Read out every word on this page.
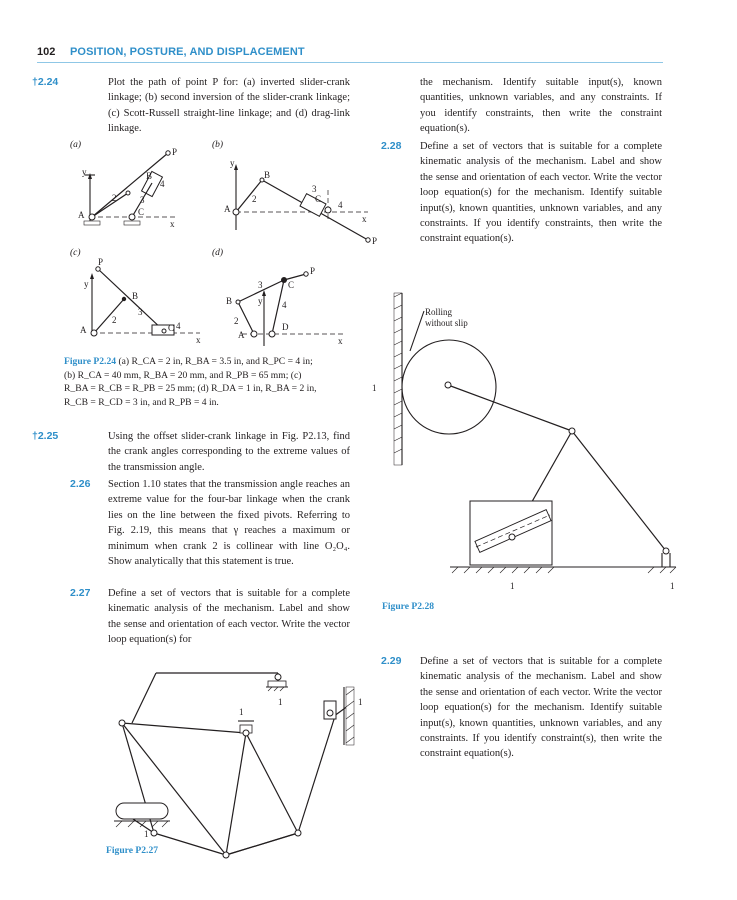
102 POSITION, POSTURE, AND DISPLACEMENT
†2.24	Plot the path of point P for: (a) inverted slider-crank linkage; (b) second inversion of the slider-crank linkage; (c) Scott-Russell straight-line linkage; and (d) drag-link linkage.
(a)	(b)
(c)	(d)
P
y	B
4
3
2
A	C
x
y
B
2
3
C
4
A
x
P
P
y
B
3
2
A	C 4
x
P
3	C
B	y 4
2
D
A
x
Figure P2.24 (a) R_CA = 2 in, R_BA = 3.5 in, and R_PC = 4 in;
(b) R_CA = 40 mm, R_BA = 20 mm, and R_PB = 65 mm; (c)
R_BA = R_CB = R_PB = 25 mm; (d) R_DA = 1 in, R_BA = 2 in,
R_CB = R_CD = 3 in, and R_PB = 4 in.
†2.25	Using the offset slider-crank linkage in Fig. P2.13, find the crank angles corresponding to the extreme values of the transmission angle.
2.26 Section 1.10 states that the transmission angle reaches an extreme value for the four-bar linkage when the crank lies on the line between the fixed pivots. Referring to Fig. 2.19, this means that γ reaches a maximum or minimum when crank 2 is collinear with line O₂O₄. Show analytically that this statement is true.
2.27 Define a set of vectors that is suitable for a complete kinematic analysis of the mechanism. Label and show the sense and orientation of each vector. Write the vector loop equation(s) for
the mechanism. Identify suitable input(s), known quantities, unknown variables, and any constraints. If you identify constraints, then write the constraint equation(s).
2.28 Define a set of vectors that is suitable for a complete kinematic analysis of the mechanism. Label and show the sense and orientation of each vector. Write the vector loop equation(s) for the mechanism. Identify suitable input(s), known quantities, unknown variables, and any constraints. If you identify constraints, then write the constraint equation(s).
Rolling
without slip
1
1	1
Figure P2.28
2.29 Define a set of vectors that is suitable for a complete kinematic analysis of the mechanism. Label and show the sense and orientation of each vector. Write the vector loop equation(s) for the mechanism. Identify suitable input(s), known quantities, unknown variables, and any constraints. If you identify constraint(s), then write the constraint equation(s).
1
1
1
1
Figure P2.27
